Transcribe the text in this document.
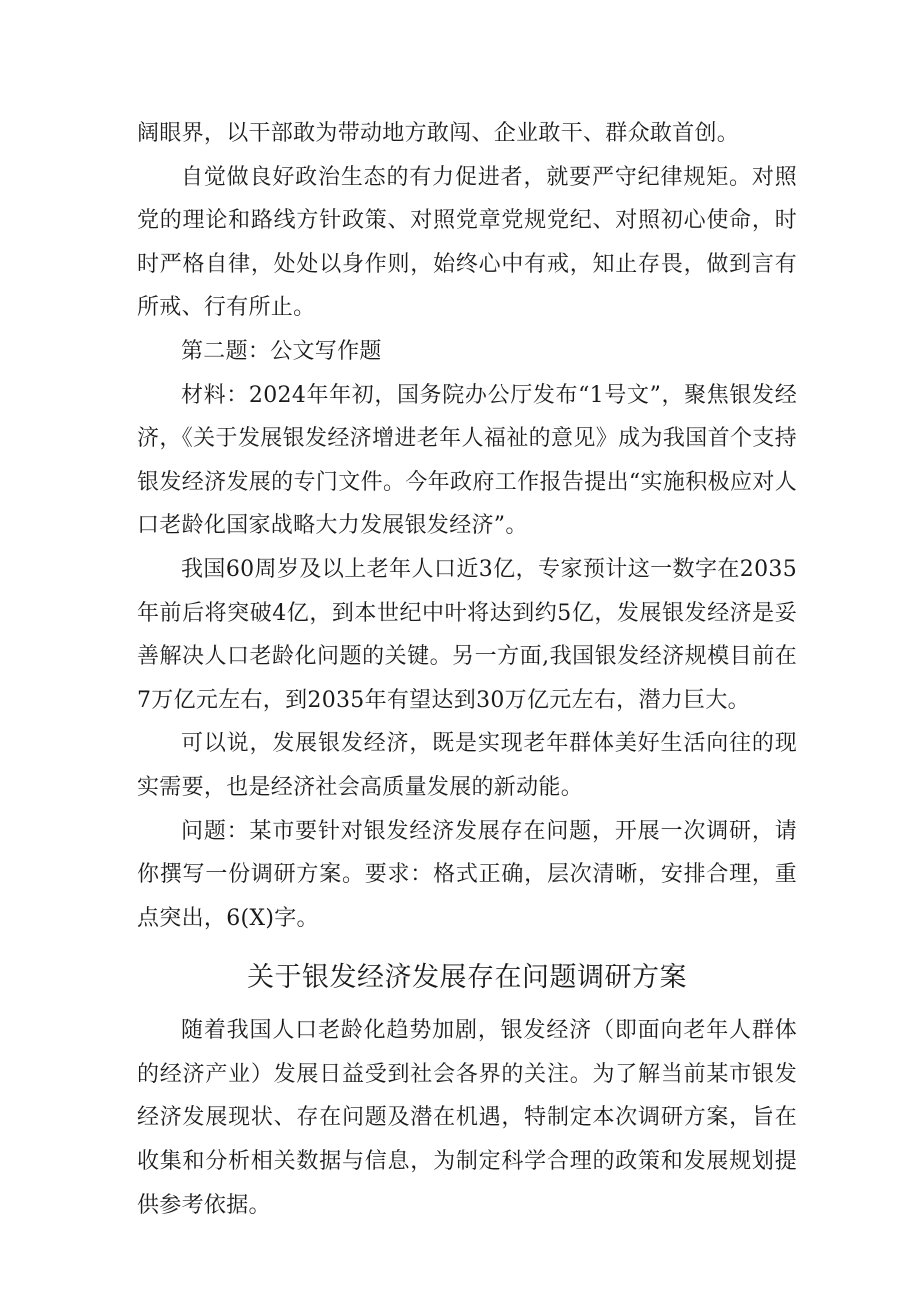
阔眼界，以干部敢为带动地方敢闯、企业敢干、群众敢首创。

自觉做良好政治生态的有力促进者，就要严守纪律规矩。对照党的理论和路线方针政策、对照党章党规党纪、对照初心使命，时时严格自律，处处以身作则，始终心中有戒，知止存畏，做到言有所戒、行有所止。

第二题：公文写作题

材料：2024年年初，国务院办公厅发布“1号文”，聚焦银发经济，《关于发展银发经济增进老年人福祉的意见》成为我国首个支持银发经济发展的专门文件。今年政府工作报告提出“实施积极应对人口老龄化国家战略大力发展银发经济”。

我国60周岁及以上老年人口近3亿，专家预计这一数字在2035年前后将突破4亿，到本世纪中叶将达到约5亿，发展银发经济是妥善解决人口老龄化问题的关键。另一方面,我国银发经济规模目前在7万亿元左右，到2035年有望达到30万亿元左右，潜力巨大。

可以说，发展银发经济，既是实现老年群体美好生活向往的现实需要，也是经济社会高质量发展的新动能。

问题：某市要针对银发经济发展存在问题，开展一次调研，请你撰写一份调研方案。要求：格式正确，层次清晰，安排合理，重点突出，6(X)字。

关于银发经济发展存在问题调研方案

随着我国人口老龄化趋势加剧，银发经济（即面向老年人群体的经济产业）发展日益受到社会各界的关注。为了解当前某市银发经济发展现状、存在问题及潜在机遇，特制定本次调研方案，旨在收集和分析相关数据与信息，为制定科学合理的政策和发展规划提供参考依据。
